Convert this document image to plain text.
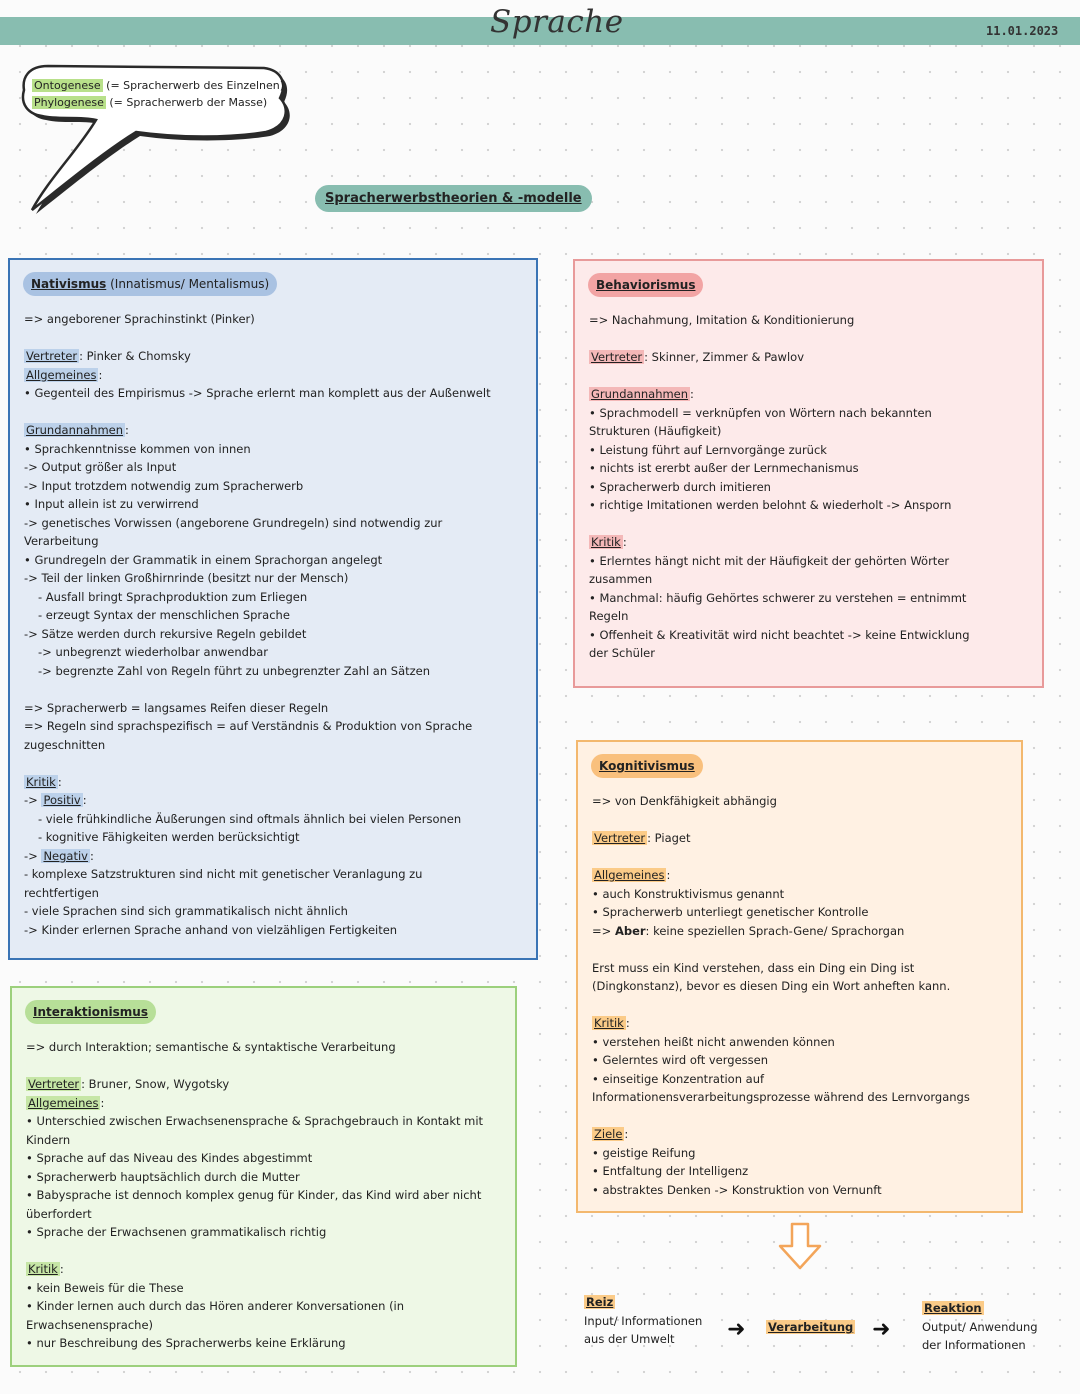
Sprache	11.01.2023
Ontogenese (= Spracherwerb des Einzelnen)
Phylogenese (= Spracherwerb der Masse)
Spracherwerbstheorien & -modelle
Nativismus (Innatismus/ Mentalismus)
=> angeborener Sprachinstinkt (Pinker)
Vertreter : Pinker & Chomsky
Allgemeines :
• Gegenteil des Empirismus -> Sprache erlernt man komplett aus der Außenwelt
Grundannahmen :
• Sprachkenntnisse kommen von innen
-> Output größer als Input
-> Input trotzdem notwendig zum Spracherwerb
• Input allein ist zu verwirrend
-> genetisches Vorwissen (angeborene Grundregeln) sind notwendig zur
Verarbeitung
• Grundregeln der Grammatik in einem Sprachorgan angelegt
-> Teil der linken Großhirnrinde (besitzt nur der Mensch)
- Ausfall bringt Sprachproduktion zum Erliegen
- erzeugt Syntax der menschlichen Sprache
-> Sätze werden durch rekursive Regeln gebildet
-> unbegrenzt wiederholbar anwendbar
-> begrenzte Zahl von Regeln führt zu unbegrenzter Zahl an Sätzen
=> Spracherwerb = langsames Reifen dieser Regeln
=> Regeln sind sprachspezifisch = auf Verständnis & Produktion von Sprache
zugeschnitten
Kritik :
-> Positiv :
- viele frühkindliche Äußerungen sind oftmals ähnlich bei vielen Personen
- kognitive Fähigkeiten werden berücksichtigt
-> Negativ :
- komplexe Satzstrukturen sind nicht mit genetischer Veranlagung zu
rechtfertigen
- viele Sprachen sind sich grammatikalisch nicht ähnlich
-> Kinder erlernen Sprache anhand von vielzähligen Fertigkeiten
Behaviorismus
=> Nachahmung, Imitation & Konditionierung
Vertreter : Skinner, Zimmer & Pawlov
Grundannahmen :
• Sprachmodell = verknüpfen von Wörtern nach bekannten
Strukturen (Häufigkeit)
• Leistung führt auf Lernvorgänge zurück
• nichts ist ererbt außer der Lernmechanismus
• Spracherwerb durch imitieren
• richtige Imitationen werden belohnt & wiederholt -> Ansporn
Kritik :
• Erlerntes hängt nicht mit der Häufigkeit der gehörten Wörter
zusammen
• Manchmal: häufig Gehörtes schwerer zu verstehen = entnimmt
Regeln
• Offenheit & Kreativität wird nicht beachtet -> keine Entwicklung
der Schüler
Kognitivismus
=> von Denkfähigkeit abhängig
Vertreter : Piaget
Allgemeines :
• auch Konstruktivismus genannt
• Spracherwerb unterliegt genetischer Kontrolle
=> Aber: keine speziellen Sprach-Gene/ Sprachorgan
Erst muss ein Kind verstehen, dass ein Ding ein Ding ist
(Dingkonstanz), bevor es diesen Ding ein Wort anheften kann.
Kritik :
• verstehen heißt nicht anwenden können
• Gelerntes wird oft vergessen
• einseitige Konzentration auf
Informationensverarbeitungsprozesse während des Lernvorgangs
Ziele :
• geistige Reifung
• Entfaltung der Intelligenz
• abstraktes Denken -> Konstruktion von Vernunft
Interaktionismus
=> durch Interaktion; semantische & syntaktische Verarbeitung
Vertreter : Bruner, Snow, Wygotsky
Allgemeines :
• Unterschied zwischen Erwachsenensprache & Sprachgebrauch in Kontakt mit
Kindern
• Sprache auf das Niveau des Kindes abgestimmt
• Spracherwerb hauptsächlich durch die Mutter
• Babysprache ist dennoch komplex genug für Kinder, das Kind wird aber nicht
überfordert
• Sprache der Erwachsenen grammatikalisch richtig
Kritik :
• kein Beweis für die These
• Kinder lernen auch durch das Hören anderer Konversationen (in
Erwachsenensprache)
• nur Beschreibung des Spracherwerbs keine Erklärung
Reiz
Input/ Informationen
aus der Umwelt	➜ Verarbeitung ➜
Reaktion
Output/ Anwendung
der Informationen
